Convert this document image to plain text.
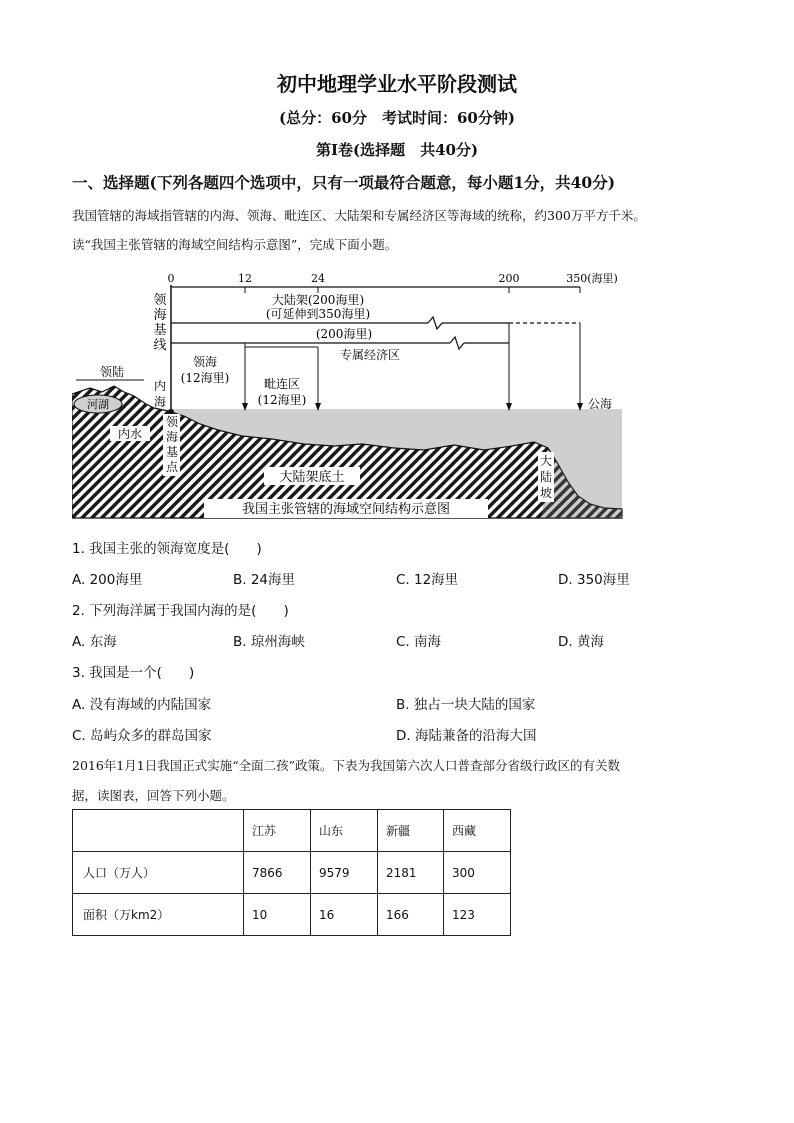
初中地理学业水平阶段测试
(总分：60分　考试时间：60分钟)
第Ⅰ卷(选择题　共40分)
一、选择题(下列各题四个选项中，只有一项最符合题意，每小题1分，共40分)
我国管辖的海域指管辖的内海、领海、毗连区、大陆架和专属经济区等海域的统称，约300万平方千米。
读“我国主张管辖的海域空间结构示意图”，完成下面小题。
河湖
内水
领陆
大陆架底土
大
陆
坡
我国主张管辖的海域空间结构示意图
0	12	24	200	350(海里)
领
海
基
线
大陆架(200海里)
(可延伸到350海里)
(200海里)
专属经济区
领海
(12海里)	毗连区
(12海里)
内
海
领
海
基
点
公海
1. 我国主张的领海宽度是(　　)
A. 200海里	B. 24海里	C. 12海里	D. 350海里
2. 下列海洋属于我国内海的是(　　)
A. 东海	B. 琼州海峡	C. 南海	D. 黄海
3. 我国是一个(　　)
A. 没有海域的内陆国家	B. 独占一块大陆的国家
C. 岛屿众多的群岛国家	D. 海陆兼备的沿海大国
2016年1月1日我国正式实施“全面二孩”政策。下表为我国第六次人口普查部分省级行政区的有关数
据，读图表，回答下列小题。
	江苏	山东	新疆	西藏
人口（万人）	7866	9579	2181	300
面积（万km2）	10	16	166	123
